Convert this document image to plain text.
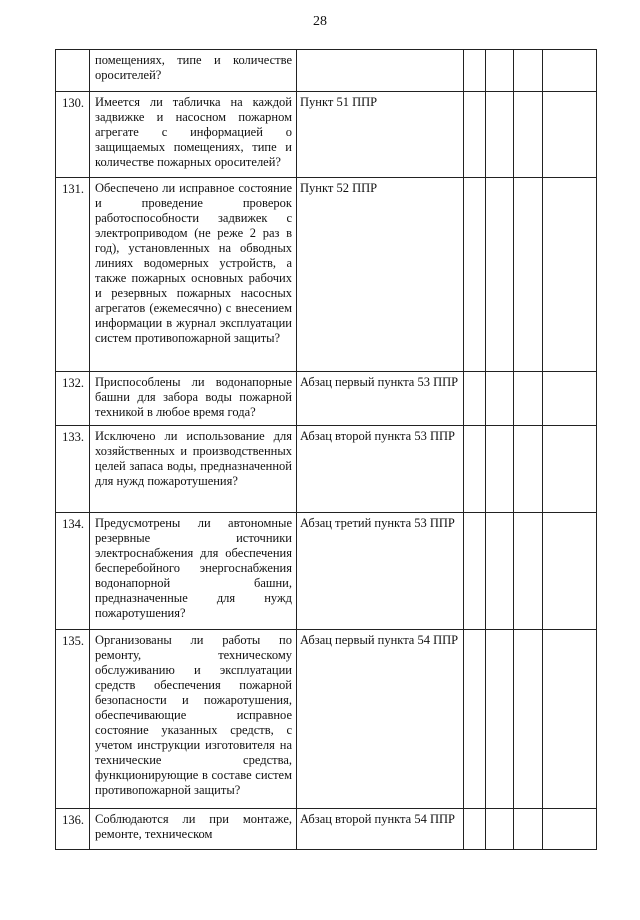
28
	помещениях, типе и количестве оросителей?					
130.	Имеется ли табличка на каждой задвижке и насосном пожарном агрегате с информацией о защищаемых помещениях, типе и количестве пожарных оросителей?	Пункт 51 ППР				
131.	Обеспечено ли исправное состояние и проведение проверок работоспособности задвижек с электроприводом (не реже 2 раз в год), установленных на обводных линиях водомерных устройств, а также пожарных основных рабочих и резервных пожарных насосных агрегатов (ежемесячно) с внесением информации в журнал эксплуатации систем противопожарной защиты?	Пункт 52 ППР				
132.	Приспособлены ли водонапорные башни для забора воды пожарной техникой в любое время года?	Абзац первый пункта 53 ППР				
133.	Исключено ли использование для хозяйственных и производственных целей запаса воды, предназначенной для нужд пожаротушения?	Абзац второй пункта 53 ППР				
134.	Предусмотрены ли автономные резервные источники электроснабжения для обеспечения бесперебойного энергоснабжения водонапорной башни, предназначенные для нужд пожаротушения?	Абзац третий пункта 53 ППР				
135.	Организованы ли работы по ремонту, техническому обслуживанию и эксплуатации средств обеспечения пожарной безопасности и пожаротушения, обеспечивающие исправное состояние указанных средств, с учетом инструкции изготовителя на технические средства, функционирующие в составе систем противопожарной защиты?	Абзац первый пункта 54 ППР				
136.	Соблюдаются ли при монтаже, ремонте, техническом	Абзац второй пункта 54 ППР				
